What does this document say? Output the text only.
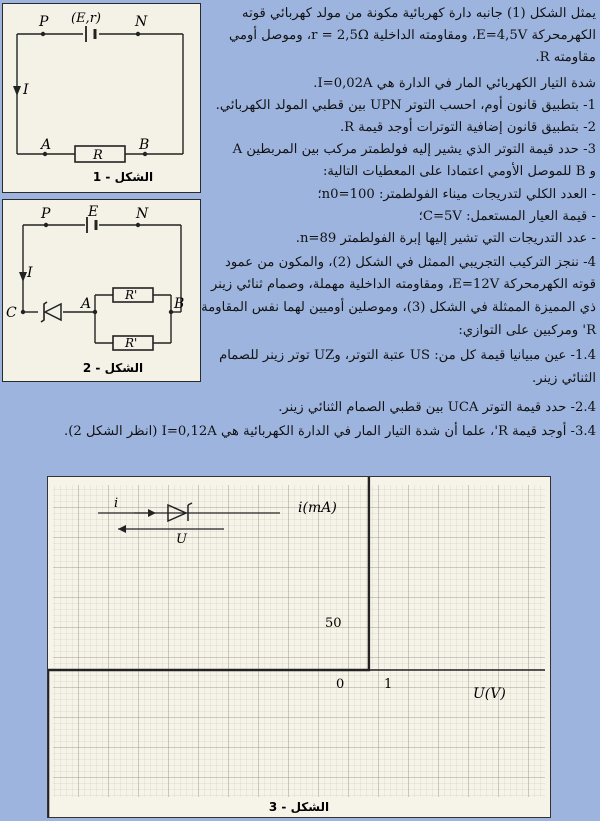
يمثل الشكل (1) جانبه دارة كهربائية مكونة من مولد كهربائي قوته
الكهرمحركة E=4,5V، ومقاومته الداخلية r = 2,5Ω، وموصل أومي
مقاومته R.
شدة التيار الكهربائي المار في الدارة هي I=0,02A.
1- بتطبيق قانون أوم، احسب التوتر UPN بين قطبي المولد الكهربائي.
2- بتطبيق قانون إضافية التوترات أوجد قيمة R.
3- حدد قيمة التوتر الذي يشير إليه فولطمتر مركب بين المربطين A
و B للموصل الأومي اعتمادا على المعطيات التالية:
- العدد الكلي لتدريجات ميناء الفولطمتر: n0=100؛
- قيمة العيار المستعمل: C=5V؛
- عدد التدريجات التي تشير إليها إبرة الفولطمتر n=89.
4- ننجز التركيب التجريبي الممثل في الشكل (2)، والمكون من عمود
قوته الكهرمحركة E=12V، ومقاومته الداخلية مهملة، وصمام ثنائي زينر
ذي المميزة الممثلة في الشكل (3)، وموصلين أوميين لهما نفس المقاومة
R' ومركبين على التوازي:
1.4- عين مبيانيا قيمة كل من: US عتبة التوتر، وUZ توتر زينر للصمام
الثنائي زينر.
2.4- حدد قيمة التوتر UCA بين قطبي الصمام الثنائي زينر.
3.4- أوجد قيمة R'، علما أن شدة التيار المار في الدارة الكهربائية هي I=0,12A (انظر الشكل 2).
P	N
(E,r)
A	B
R
I
الشكل - 1
P	E	N
C
A	B
I
R'
R'
الشكل - 2
i(mA)
U(V)
50
0	1
i
U
الشكل - 3
